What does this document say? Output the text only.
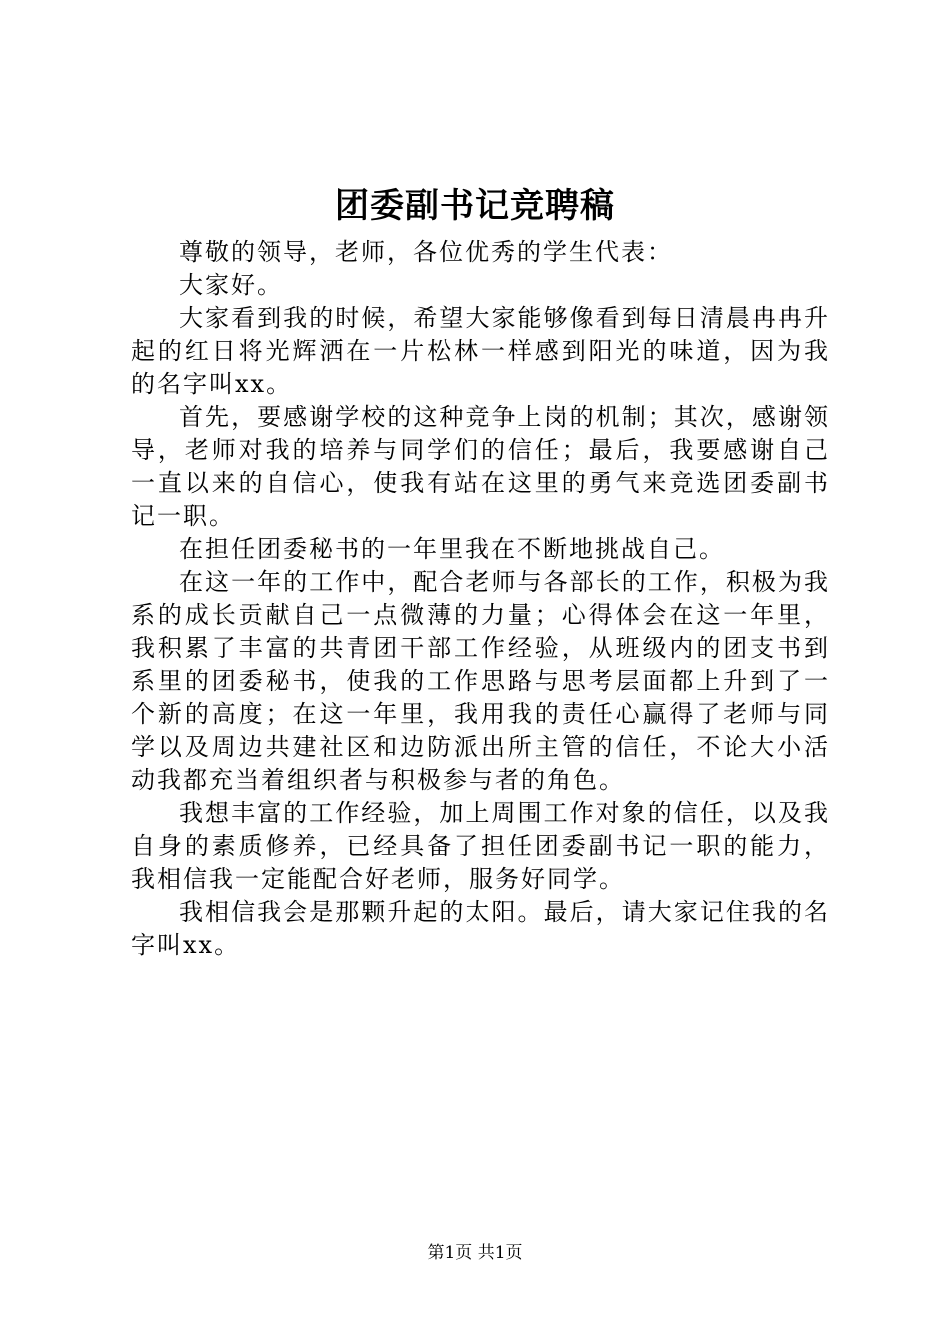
团委副书记竞聘稿

尊敬的领导，老师，各位优秀的学生代表：

大家好。

大家看到我的时候，希望大家能够像看到每日清晨冉冉升起的红日将光辉洒在一片松林一样感到阳光的味道，因为我的名字叫xx。

首先，要感谢学校的这种竞争上岗的机制；其次，感谢领导，老师对我的培养与同学们的信任；最后，我要感谢自己一直以来的自信心，使我有站在这里的勇气来竞选团委副书记一职。

在担任团委秘书的一年里我在不断地挑战自己。

在这一年的工作中，配合老师与各部长的工作，积极为我系的成长贡献自己一点微薄的力量；心得体会在这一年里，我积累了丰富的共青团干部工作经验，从班级内的团支书到系里的团委秘书，使我的工作思路与思考层面都上升到了一个新的高度；在这一年里，我用我的责任心赢得了老师与同学以及周边共建社区和边防派出所主管的信任，不论大小活动我都充当着组织者与积极参与者的角色。

我想丰富的工作经验，加上周围工作对象的信任，以及我自身的素质修养，已经具备了担任团委副书记一职的能力，我相信我一定能配合好老师，服务好同学。

我相信我会是那颗升起的太阳。最后，请大家记住我的名字叫xx。

第1页 共1页
